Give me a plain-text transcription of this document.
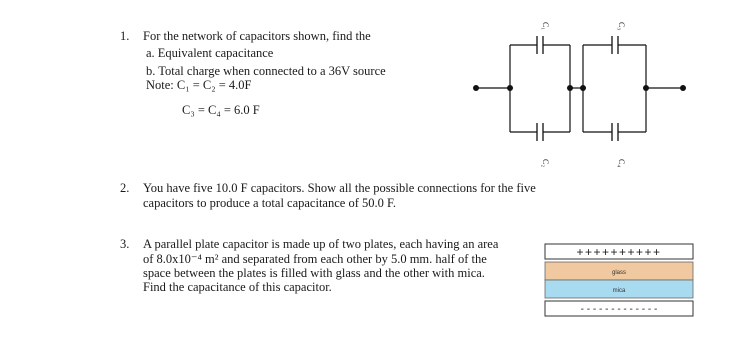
1. For the network of capacitors shown, find the
a. Equivalent capacitance
b. Total charge when connected to a 36V source
Note: C₁ = C₂ = 4.0F
C₃ = C₄ = 6.0 F
C₁	C₃
C₂	C₄
2. You have five 10.0 F capacitors. Show all the possible connections for the five
capacitors to produce a total capacitance of 50.0 F.
3. A parallel plate capacitor is made up of two plates, each having an area
of 8.0x10⁻⁴ m² and separated from each other by 5.0 mm. half of the
space between the plates is filled with glass and the other with mica.
Find the capacitance of this capacitor.
++++++++++
glass
mica
- - - - - - - - - - - - -
